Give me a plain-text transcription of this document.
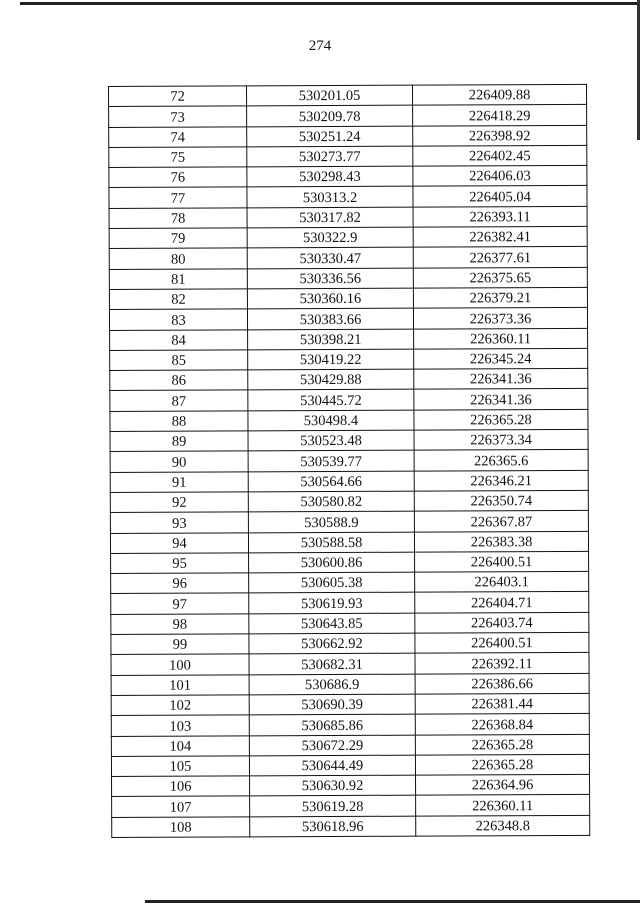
274
72	530201.05	226409.88
73	530209.78	226418.29
74	530251.24	226398.92
75	530273.77	226402.45
76	530298.43	226406.03
77	530313.2	226405.04
78	530317.82	226393.11
79	530322.9	226382.41
80	530330.47	226377.61
81	530336.56	226375.65
82	530360.16	226379.21
83	530383.66	226373.36
84	530398.21	226360.11
85	530419.22	226345.24
86	530429.88	226341.36
87	530445.72	226341.36
88	530498.4	226365.28
89	530523.48	226373.34
90	530539.77	226365.6
91	530564.66	226346.21
92	530580.82	226350.74
93	530588.9	226367.87
94	530588.58	226383.38
95	530600.86	226400.51
96	530605.38	226403.1
97	530619.93	226404.71
98	530643.85	226403.74
99	530662.92	226400.51
100	530682.31	226392.11
101	530686.9	226386.66
102	530690.39	226381.44
103	530685.86	226368.84
104	530672.29	226365.28
105	530644.49	226365.28
106	530630.92	226364.96
107	530619.28	226360.11
108	530618.96	226348.8
